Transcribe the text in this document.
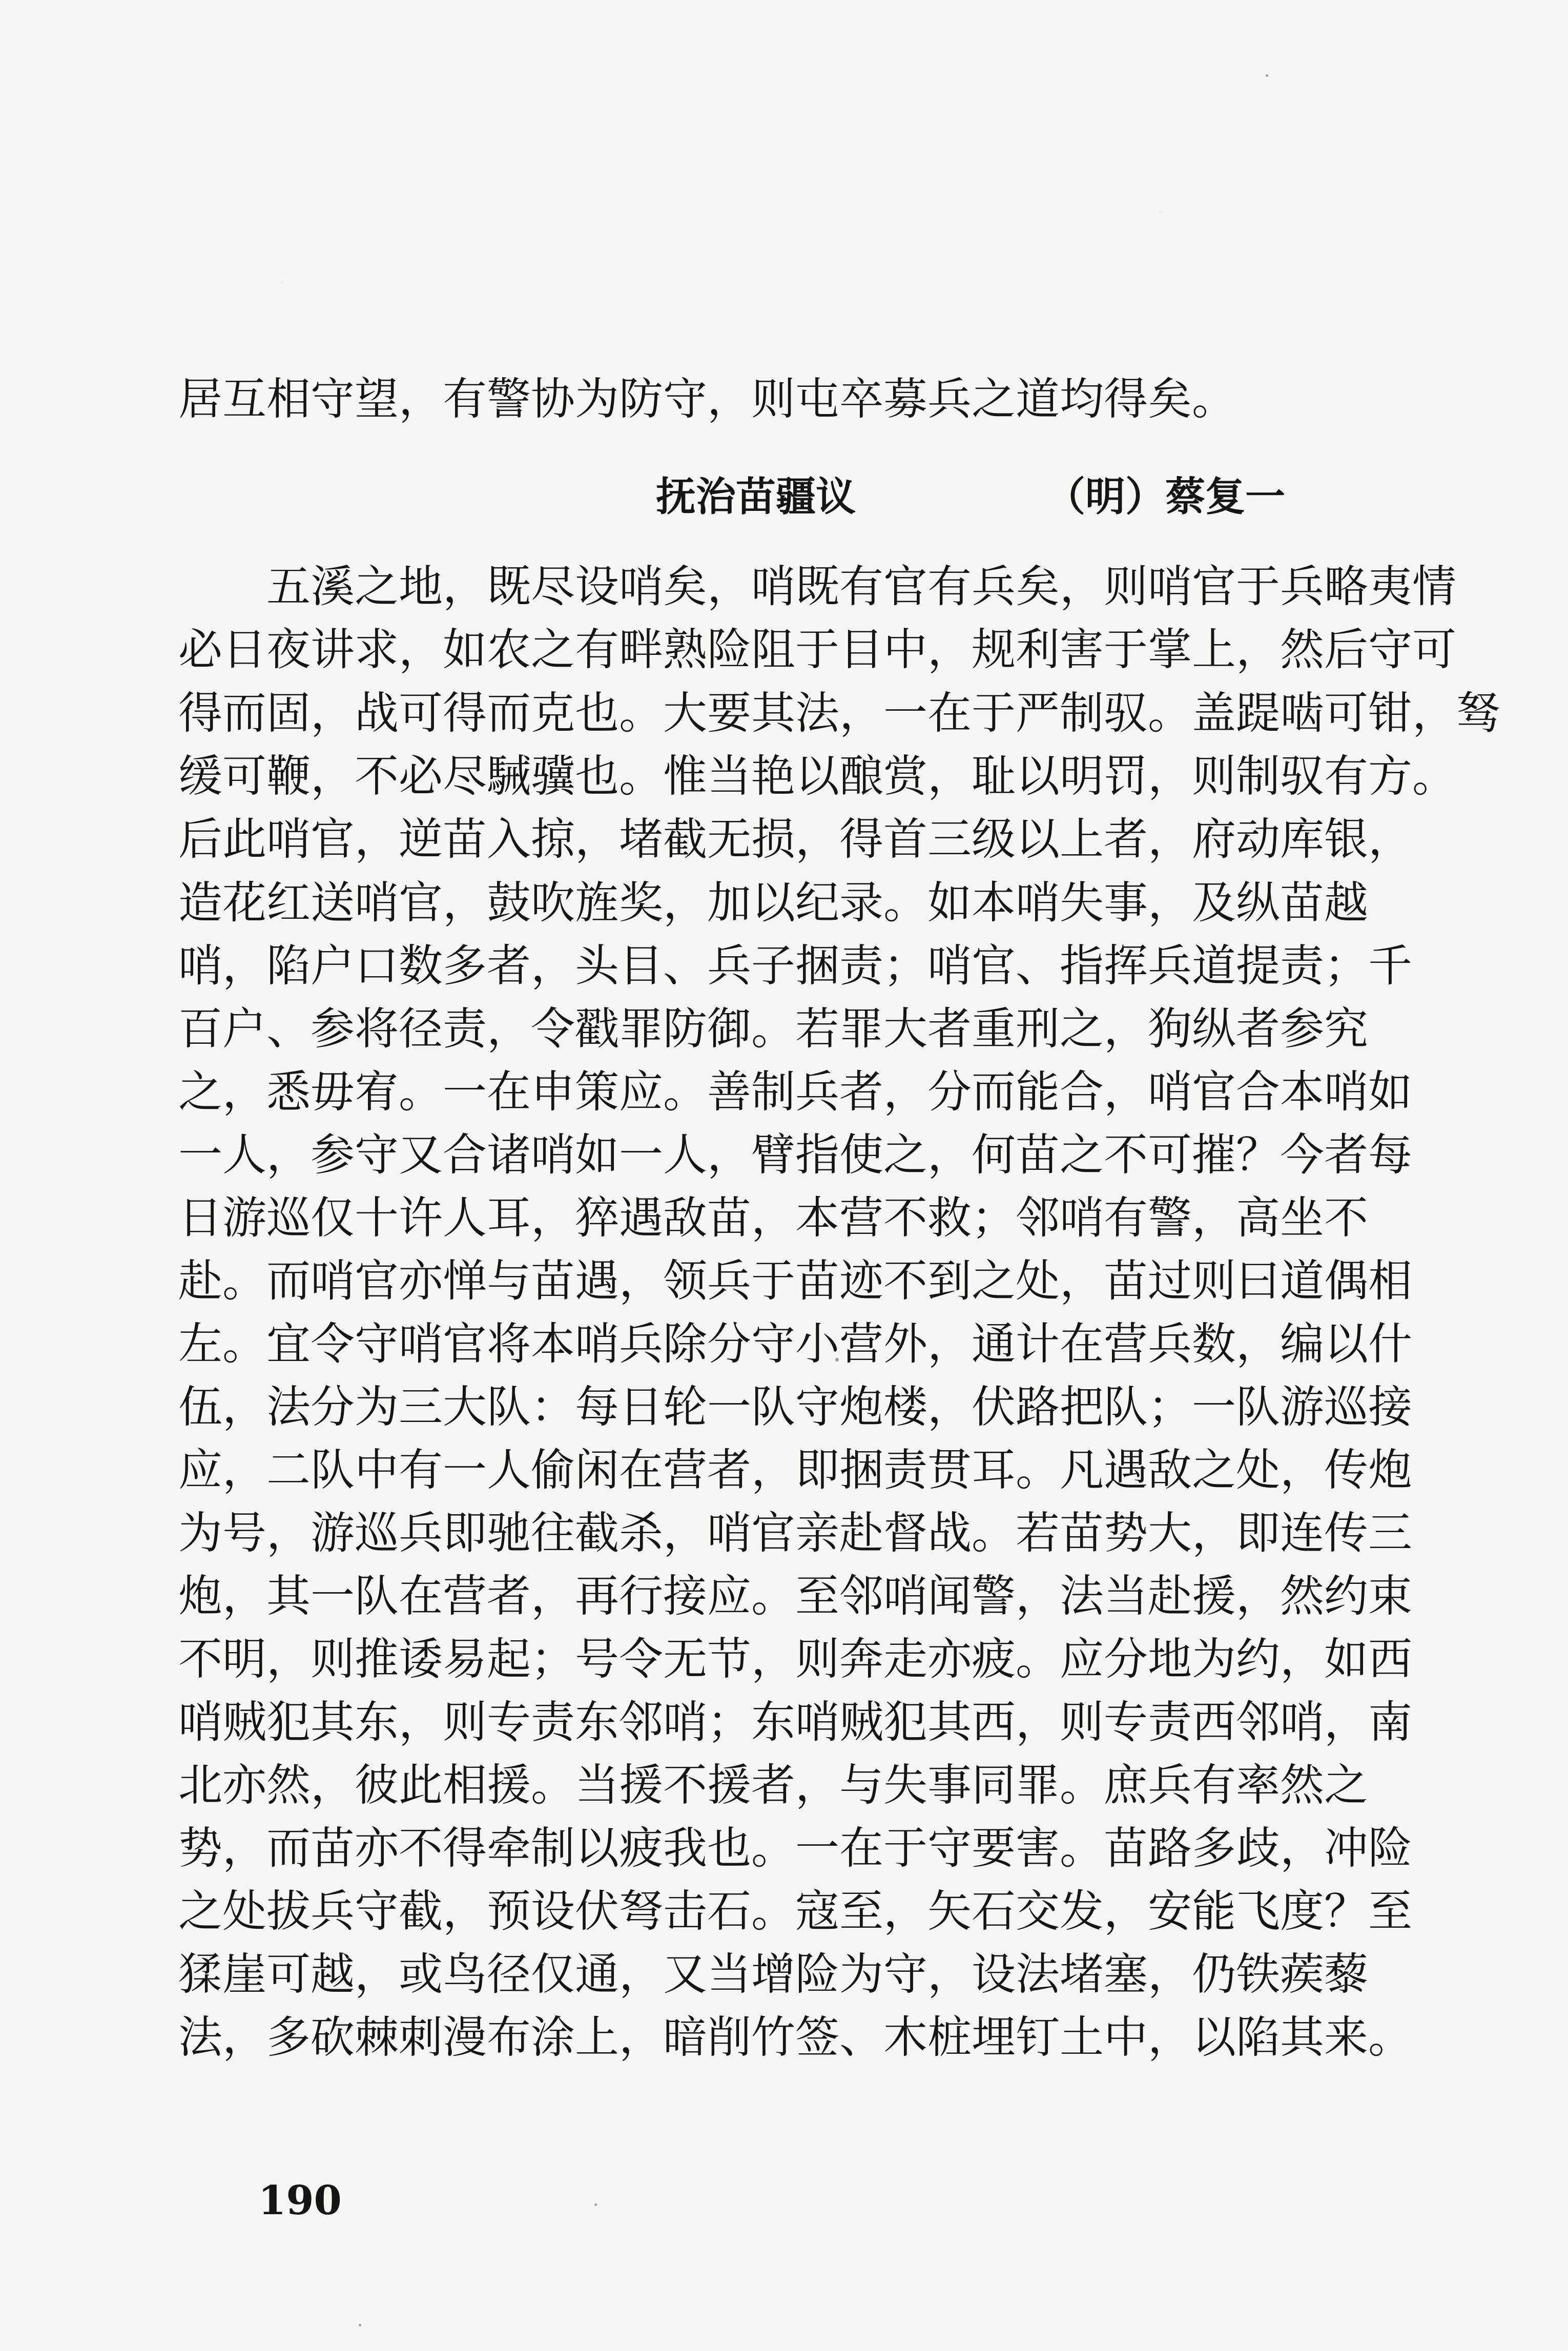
居互相守望，有警协为防守，则屯卒募兵之道均得矣。
抚治苗疆议	（明）蔡复一
五溪之地，既尽设哨矣，哨既有官有兵矣，则哨官于兵略夷情
必日夜讲求，如农之有畔熟险阻于目中，规利害于掌上，然后守可
得而固，战可得而克也。大要其法，一在于严制驭。盖踶啮可钳，驽
缓可鞭，不必尽駴骥也。惟当艳以酿赏，耻以明罚，则制驭有方。
后此哨官，逆苗入掠，堵截无损，得首三级以上者，府动库银，
造花红送哨官，鼓吹旌奖，加以纪录。如本哨失事，及纵苗越
哨，陷户口数多者，头目、兵子捆责；哨官、指挥兵道提责；千
百户、参将径责，令戳罪防御。若罪大者重刑之，狗纵者参究
之，悉毋宥。一在申策应。善制兵者，分而能合，哨官合本哨如
一人，参守又合诸哨如一人，臂指使之，何苗之不可摧？今者每
日游巡仅十许人耳，猝遇敌苗，本营不救；邻哨有警，高坐不
赴。而哨官亦惮与苗遇，领兵于苗迹不到之处，苗过则曰道偶相
左。宜令守哨官将本哨兵除分守小营外，通计在营兵数，编以什
伍，法分为三大队：每日轮一队守炮楼，伏路把队；一队游巡接
应，二队中有一人偷闲在营者，即捆责贯耳。凡遇敌之处，传炮
为号，游巡兵即驰往截杀，哨官亲赴督战。若苗势大，即连传三
炮，其一队在营者，再行接应。至邻哨闻警，法当赴援，然约束
不明，则推诿易起；号令无节，则奔走亦疲。应分地为约，如西
哨贼犯其东，则专责东邻哨；东哨贼犯其西，则专责西邻哨，南
北亦然，彼此相援。当援不援者，与失事同罪。庶兵有率然之
势，而苗亦不得牵制以疲我也。一在于守要害。苗路多歧，冲险
之处拔兵守截，预设伏弩击石。寇至，矢石交发，安能飞度？至
猱崖可越，或鸟径仅通，又当增险为守，设法堵塞，仍铁蒺藜
法，多砍棘刺漫布涂上，暗削竹签、木桩埋钉土中，以陷其来。
190
